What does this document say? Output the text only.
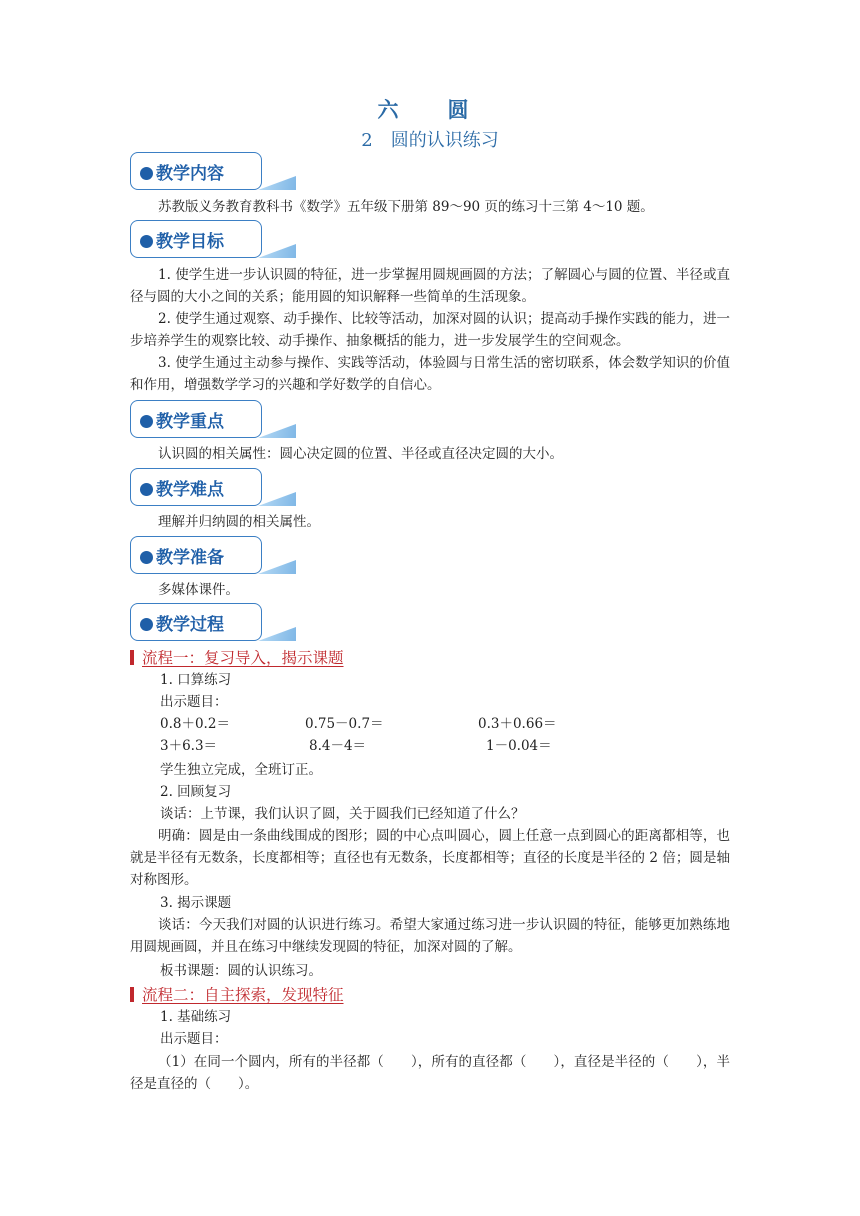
六　圆
2　圆的认识练习
教学内容
苏教版义务教育教科书《数学》五年级下册第 89～90 页的练习十三第 4～10 题。
教学目标
1. 使学生进一步认识圆的特征，进一步掌握用圆规画圆的方法；了解圆心与圆的位置、半径或直径与圆的大小之间的关系；能用圆的知识解释一些简单的生活现象。
2. 使学生通过观察、动手操作、比较等活动，加深对圆的认识；提高动手操作实践的能力，进一步培养学生的观察比较、动手操作、抽象概括的能力，进一步发展学生的空间观念。
3. 使学生通过主动参与操作、实践等活动，体验圆与日常生活的密切联系，体会数学知识的价值和作用，增强数学学习的兴趣和学好数学的自信心。
教学重点
认识圆的相关属性：圆心决定圆的位置、半径或直径决定圆的大小。
教学难点
理解并归纳圆的相关属性。
教学准备
多媒体课件。
教学过程
流程一：复习导入，揭示课题
1. 口算练习
出示题目：
0.8＋0.2＝	0.75－0.7＝	0.3＋0.66＝
3＋6.3＝	8.4－4＝	1－0.04＝
学生独立完成，全班订正。
2. 回顾复习
谈话：上节课，我们认识了圆，关于圆我们已经知道了什么？
明确：圆是由一条曲线围成的图形；圆的中心点叫圆心，圆上任意一点到圆心的距离都相等，也就是半径有无数条，长度都相等；直径也有无数条，长度都相等；直径的长度是半径的 2 倍；圆是轴对称图形。
3. 揭示课题
谈话：今天我们对圆的认识进行练习。希望大家通过练习进一步认识圆的特征，能够更加熟练地用圆规画圆，并且在练习中继续发现圆的特征，加深对圆的了解。
板书课题：圆的认识练习。
流程二：自主探索，发现特征
1. 基础练习
出示题目：
（1）在同一个圆内，所有的半径都（　　），所有的直径都（　　），直径是半径的（　　），半径是直径的（　　）。
